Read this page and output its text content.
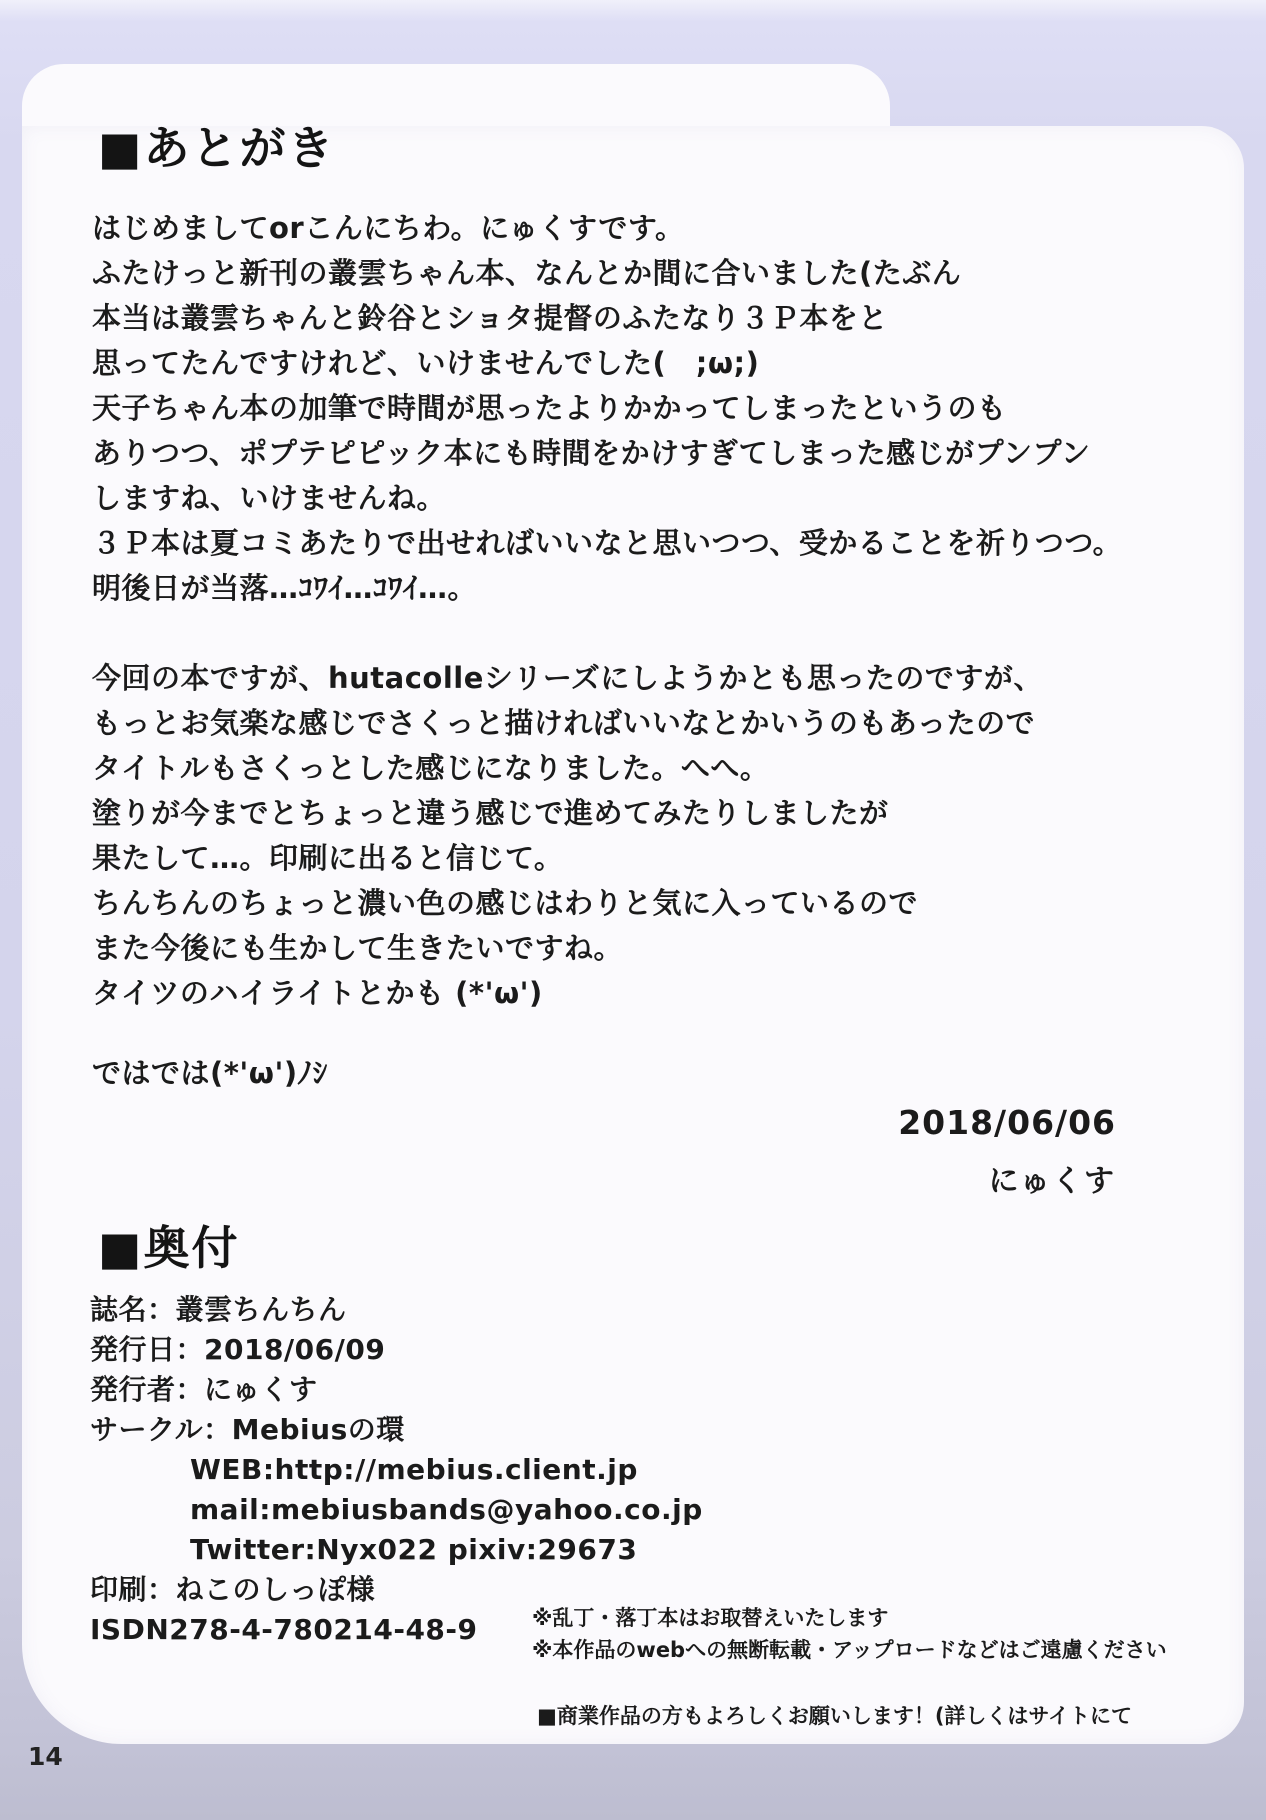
■あとがき
はじめましてorこんにちわ。にゅくすです。
ふたけっと新刊の叢雲ちゃん本、なんとか間に合いました(たぶん
本当は叢雲ちゃんと鈴谷とショタ提督のふたなり３Ｐ本をと
思ってたんですけれど、いけませんでした(　;ω;)
天子ちゃん本の加筆で時間が思ったよりかかってしまったというのも
ありつつ、ポプテピピック本にも時間をかけすぎてしまった感じがプンプン
しますね、いけませんね。
３Ｐ本は夏コミあたりで出せればいいなと思いつつ、受かることを祈りつつ。
明後日が当落…ｺﾜｲ…ｺﾜｲ…。
今回の本ですが、hutacolleシリーズにしようかとも思ったのですが、
もっとお気楽な感じでさくっと描ければいいなとかいうのもあったので
タイトルもさくっとした感じになりました。へへ。
塗りが今までとちょっと違う感じで進めてみたりしましたが
果たして…。印刷に出ると信じて。
ちんちんのちょっと濃い色の感じはわりと気に入っているので
また今後にも生かして生きたいですね。
タイツのハイライトとかも (*'ω')
ではでは(*'ω')ﾉｼ
2018/06/06
にゅくす
■奥付
誌名：叢雲ちんちん
発行日：2018/06/09
発行者：にゅくす
サークル：Mebiusの環
WEB:http://mebius.client.jp
mail:mebiusbands@yahoo.co.jp
Twitter:Nyx022 pixiv:29673
印刷：ねこのしっぽ様
ISDN278-4-780214-48-9	※乱丁・落丁本はお取替えいたします
※本作品のwebへの無断転載・アップロードなどはご遠慮ください
■商業作品の方もよろしくお願いします！(詳しくはサイトにて
14
